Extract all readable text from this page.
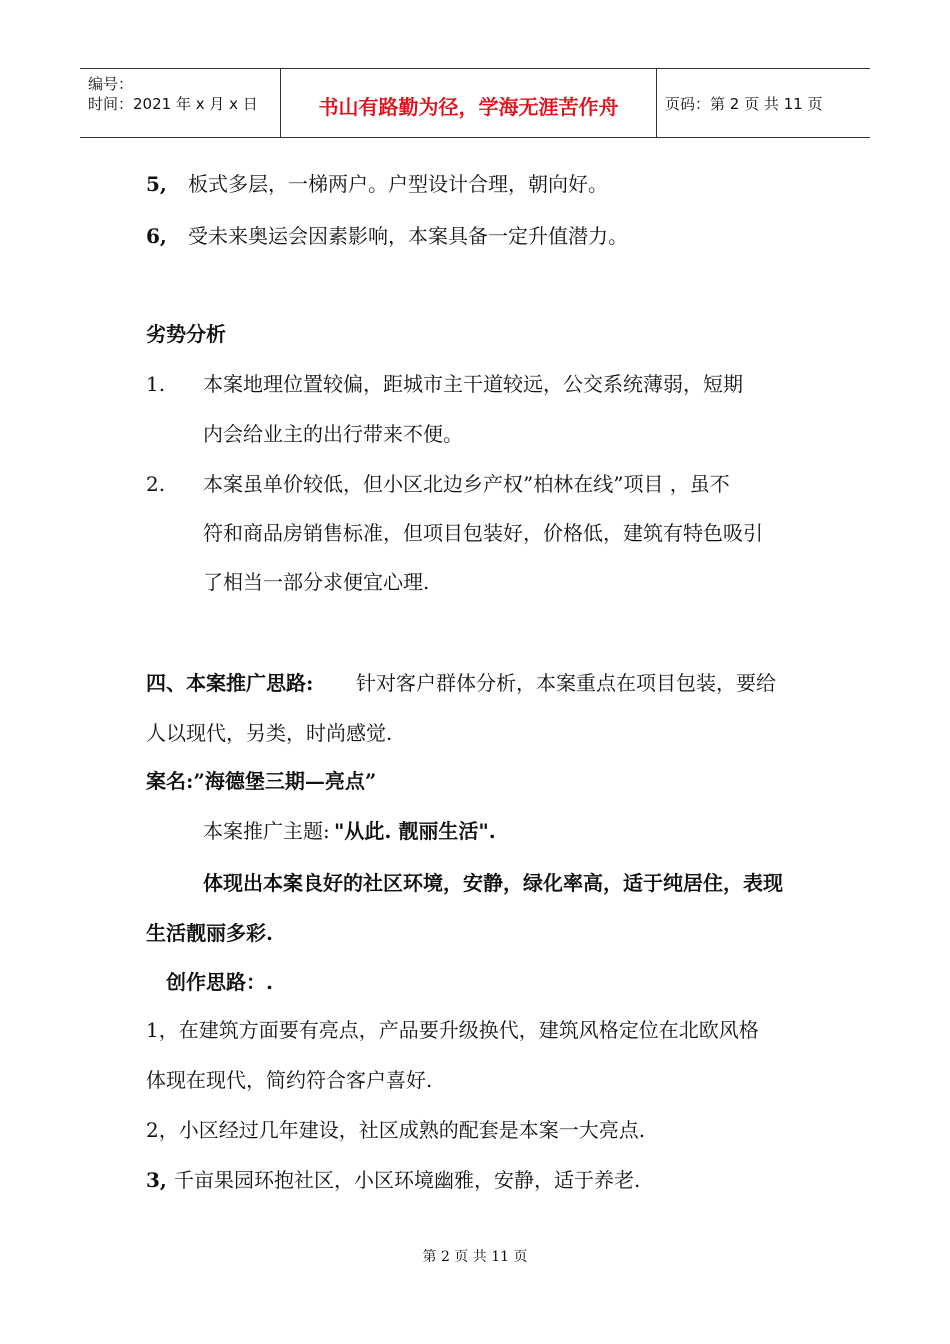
编号：
时间：2021 年 x 月 x 日	书山有路勤为径，学海无涯苦作舟	页码：第 2 页 共 11 页
5, 板式多层，一梯两户。户型设计合理，朝向好。
6, 受未来奥运会因素影响，本案具备一定升值潜力。
劣势分析
1. 本案地理位置较偏，距城市主干道较远，公交系统薄弱，短期
内会给业主的出行带来不便。
2. 本案虽单价较低，但小区北边乡产权”柏林在线”项目 ，虽不
符和商品房销售标准，但项目包装好，价格低，建筑有特色吸引
了相当一部分求便宜心理.
四、本案推广思路: 针对客户群体分析，本案重点在项目包装，要给
人以现代，另类，时尚感觉.
案名:”海德堡三期—亮点”
本案推广主题: "从此. 靓丽生活".
体现出本案良好的社区环境，安静，绿化率高，适于纯居住，表现
生活靓丽多彩.
创作思路：.
1，在建筑方面要有亮点，产品要升级换代，建筑风格定位在北欧风格
体现在现代，简约符合客户喜好.
2，小区经过几年建设，社区成熟的配套是本案一大亮点.
3, 千亩果园环抱社区，小区环境幽雅，安静，适于养老.
第 2 页 共 11 页
